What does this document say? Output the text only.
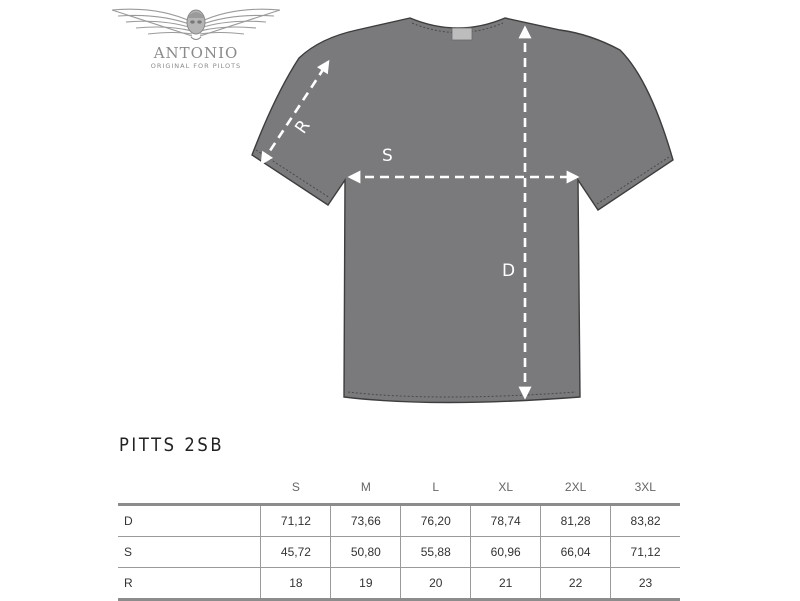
ANTONIO
ORIGINAL FOR PILOTS
R
S
D
PITTS 2SB
	S	M	L	XL	2XL	3XL
D	71,12	73,66	76,20	78,74	81,28	83,82
S	45,72	50,80	55,88	60,96	66,04	71,12
R	18	19	20	21	22	23
